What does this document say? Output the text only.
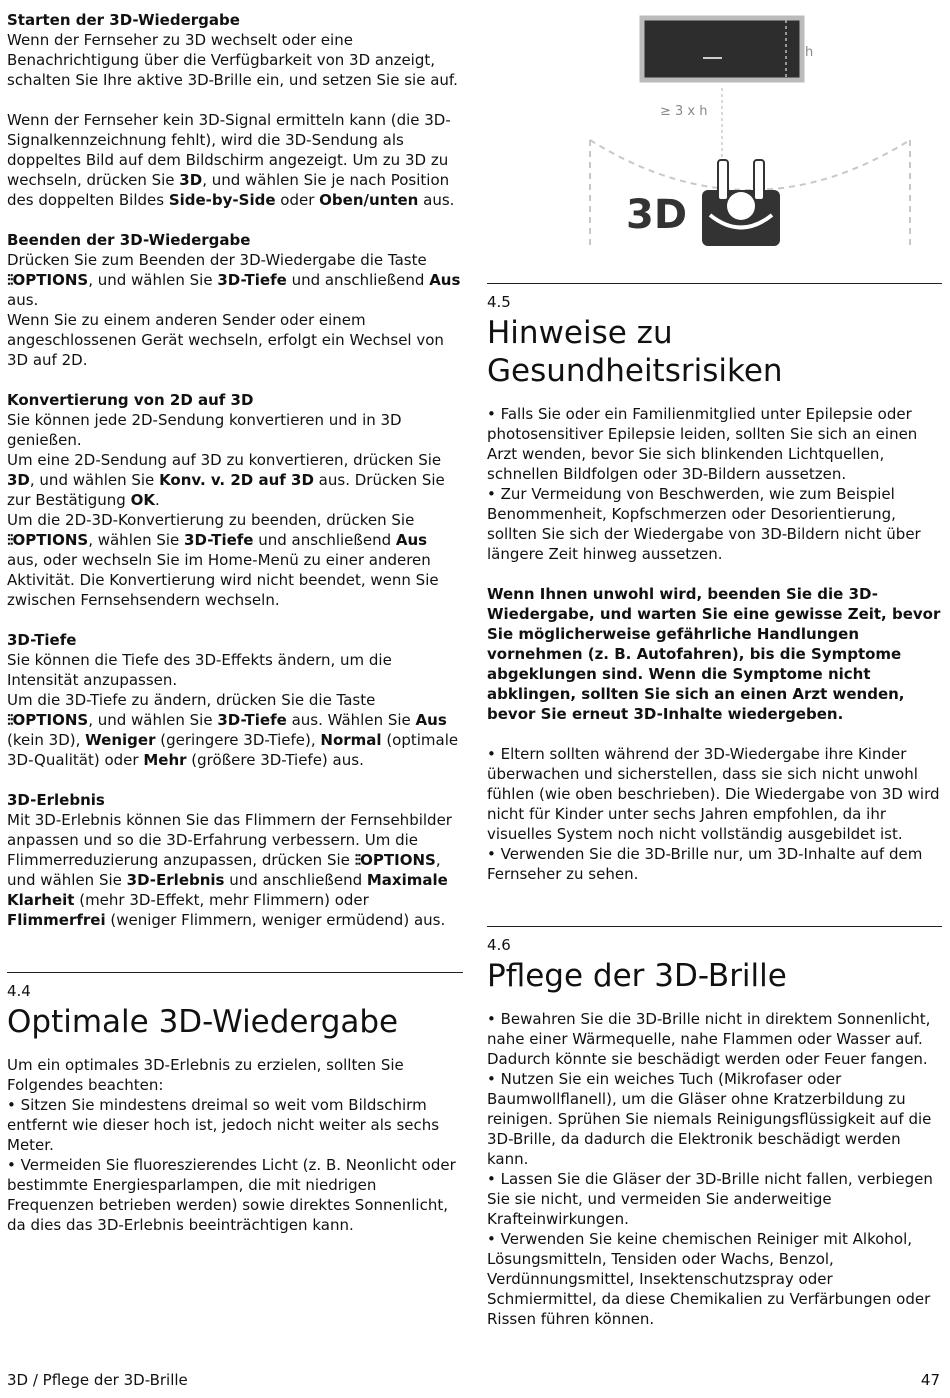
Starten der 3D-Wiedergabe

Wenn der Fernseher zu 3D wechselt oder eine Benachrichtigung über die Verfügbarkeit von 3D anzeigt, schalten Sie Ihre aktive 3D-Brille ein, und setzen Sie sie auf.

Wenn der Fernseher kein 3D-Signal ermitteln kann (die 3D-Signalkennzeichnung fehlt), wird die 3D-Sendung als doppeltes Bild auf dem Bildschirm angezeigt. Um zu 3D zu wechseln, drücken Sie 3D, und wählen Sie je nach Position des doppelten Bildes Side-by-Side oder Oben/unten aus.

Beenden der 3D-Wiedergabe

Drücken Sie zum Beenden der 3D-Wiedergabe die Taste ⫶⫶OPTIONS, und wählen Sie 3D-Tiefe und anschließend Aus aus.

Wenn Sie zu einem anderen Sender oder einem angeschlossenen Gerät wechseln, erfolgt ein Wechsel von 3D auf 2D.

Konvertierung von 2D auf 3D

Sie können jede 2D-Sendung konvertieren und in 3D genießen.

Um eine 2D-Sendung auf 3D zu konvertieren, drücken Sie 3D, und wählen Sie Konv. v. 2D auf 3D aus. Drücken Sie zur Bestätigung OK.

Um die 2D-3D-Konvertierung zu beenden, drücken Sie ⫶⫶OPTIONS, wählen Sie 3D-Tiefe und anschließend Aus aus, oder wechseln Sie im Home-Menü zu einer anderen Aktivität. Die Konvertierung wird nicht beendet, wenn Sie zwischen Fernsehsendern wechseln.

3D-Tiefe

Sie können die Tiefe des 3D-Effekts ändern, um die Intensität anzupassen.

Um die 3D-Tiefe zu ändern, drücken Sie die Taste ⫶⫶OPTIONS, und wählen Sie 3D-Tiefe aus. Wählen Sie Aus (kein 3D), Weniger (geringere 3D-Tiefe), Normal (optimale 3D-Qualität) oder Mehr (größere 3D-Tiefe) aus.

3D-Erlebnis

Mit 3D-Erlebnis können Sie das Flimmern der Fernsehbilder anpassen und so die 3D-Erfahrung verbessern. Um die Flimmerreduzierung anzupassen, drücken Sie ⫶⫶OPTIONS, und wählen Sie 3D-Erlebnis und anschließend Maximale Klarheit (mehr 3D-Effekt, mehr Flimmern) oder Flimmerfrei (weniger Flimmern, weniger ermüdend) aus.

4.4

Optimale 3D-Wiedergabe

Um ein optimales 3D-Erlebnis zu erzielen, sollten Sie Folgendes beachten:

• Sitzen Sie mindestens dreimal so weit vom Bildschirm entfernt wie dieser hoch ist, jedoch nicht weiter als sechs Meter.

• Vermeiden Sie fluoreszierendes Licht (z. B. Neonlicht oder bestimmte Energiesparlampen, die mit niedrigen Frequenzen betrieben werden) sowie direktes Sonnenlicht, da dies das 3D-Erlebnis beeinträchtigen kann.

h
≥ 3 x h
3D

4.5

Hinweise zu Gesundheitsrisiken

• Falls Sie oder ein Familienmitglied unter Epilepsie oder photosensitiver Epilepsie leiden, sollten Sie sich an einen Arzt wenden, bevor Sie sich blinkenden Lichtquellen, schnellen Bildfolgen oder 3D-Bildern aussetzen.

• Zur Vermeidung von Beschwerden, wie zum Beispiel Benommenheit, Kopfschmerzen oder Desorientierung, sollten Sie sich der Wiedergabe von 3D-Bildern nicht über längere Zeit hinweg aussetzen.

Wenn Ihnen unwohl wird, beenden Sie die 3D-Wiedergabe, und warten Sie eine gewisse Zeit, bevor Sie möglicherweise gefährliche Handlungen vornehmen (z. B. Autofahren), bis die Symptome abgeklungen sind. Wenn die Symptome nicht abklingen, sollten Sie sich an einen Arzt wenden, bevor Sie erneut 3D-Inhalte wiedergeben.

• Eltern sollten während der 3D-Wiedergabe ihre Kinder überwachen und sicherstellen, dass sie sich nicht unwohl fühlen (wie oben beschrieben). Die Wiedergabe von 3D wird nicht für Kinder unter sechs Jahren empfohlen, da ihr visuelles System noch nicht vollständig ausgebildet ist.

• Verwenden Sie die 3D-Brille nur, um 3D-Inhalte auf dem Fernseher zu sehen.

4.6

Pflege der 3D-Brille

• Bewahren Sie die 3D-Brille nicht in direktem Sonnenlicht, nahe einer Wärmequelle, nahe Flammen oder Wasser auf. Dadurch könnte sie beschädigt werden oder Feuer fangen.

• Nutzen Sie ein weiches Tuch (Mikrofaser oder Baumwollflanell), um die Gläser ohne Kratzerbildung zu reinigen. Sprühen Sie niemals Reinigungsflüssigkeit auf die 3D-Brille, da dadurch die Elektronik beschädigt werden kann.

• Lassen Sie die Gläser der 3D-Brille nicht fallen, verbiegen Sie sie nicht, und vermeiden Sie anderweitige Krafteinwirkungen.

• Verwenden Sie keine chemischen Reiniger mit Alkohol, Lösungsmitteln, Tensiden oder Wachs, Benzol, Verdünnungsmittel, Insektenschutzspray oder Schmiermittel, da diese Chemikalien zu Verfärbungen oder Rissen führen können.

3D / Pflege der 3D-Brille	47
